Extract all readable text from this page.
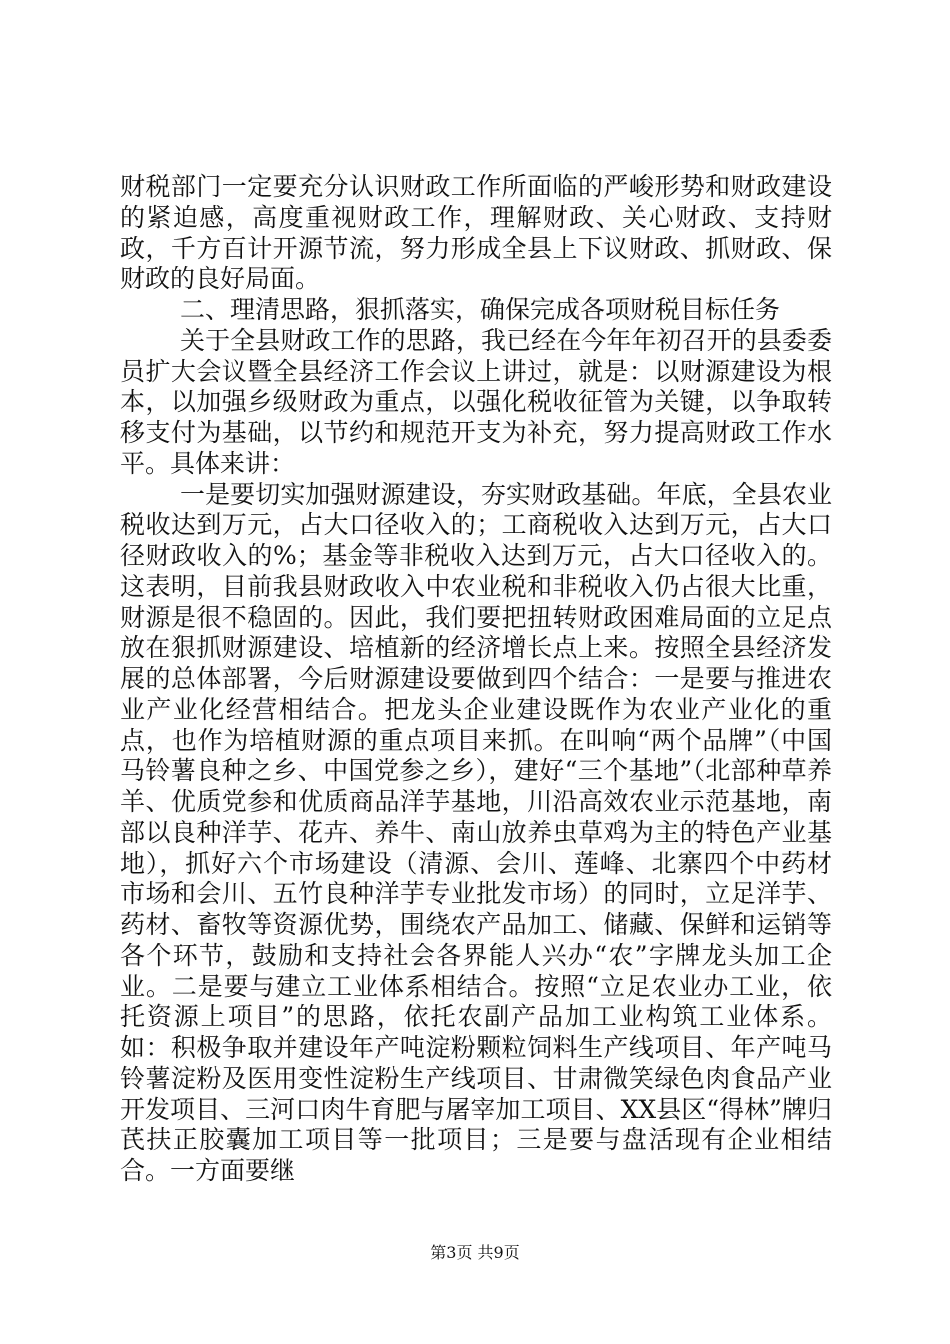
财税部门一定要充分认识财政工作所面临的严峻形势和财政建设的紧迫感，高度重视财政工作，理解财政、关心财政、支持财政，千方百计开源节流，努力形成全县上下议财政、抓财政、保财政的良好局面。

二、理清思路，狠抓落实，确保完成各项财税目标任务

关于全县财政工作的思路，我已经在今年年初召开的县委委员扩大会议暨全县经济工作会议上讲过，就是：以财源建设为根本，以加强乡级财政为重点，以强化税收征管为关键，以争取转移支付为基础，以节约和规范开支为补充，努力提高财政工作水平。具体来讲：

一是要切实加强财源建设，夯实财政基础。年底，全县农业税收达到万元，占大口径收入的；工商税收入达到万元，占大口径财政收入的%；基金等非税收入达到万元，占大口径收入的。这表明，目前我县财政收入中农业税和非税收入仍占很大比重，财源是很不稳固的。因此，我们要把扭转财政困难局面的立足点放在狠抓财源建设、培植新的经济增长点上来。按照全县经济发展的总体部署，今后财源建设要做到四个结合：一是要与推进农业产业化经营相结合。把龙头企业建设既作为农业产业化的重点，也作为培植财源的重点项目来抓。在叫响“两个品牌”（中国马铃薯良种之乡、中国党参之乡），建好“三个基地”（北部种草养羊、优质党参和优质商品洋芋基地，川沿高效农业示范基地，南部以良种洋芋、花卉、养牛、南山放养虫草鸡为主的特色产业基地），抓好六个市场建设（清源、会川、莲峰、北寨四个中药材市场和会川、五竹良种洋芋专业批发市场）的同时，立足洋芋、药材、畜牧等资源优势，围绕农产品加工、储藏、保鲜和运销等各个环节，鼓励和支持社会各界能人兴办“农”字牌龙头加工企业。二是要与建立工业体系相结合。按照“立足农业办工业，依托资源上项目”的思路，依托农副产品加工业构筑工业体系。如：积极争取并建设年产吨淀粉颗粒饲料生产线项目、年产吨马铃薯淀粉及医用变性淀粉生产线项目、甘肃微笑绿色肉食品产业开发项目、三河口肉牛育肥与屠宰加工项目、XX县区“得林”牌归芪扶正胶囊加工项目等一批项目；三是要与盘活现有企业相结合。一方面要继

第3页 共9页
